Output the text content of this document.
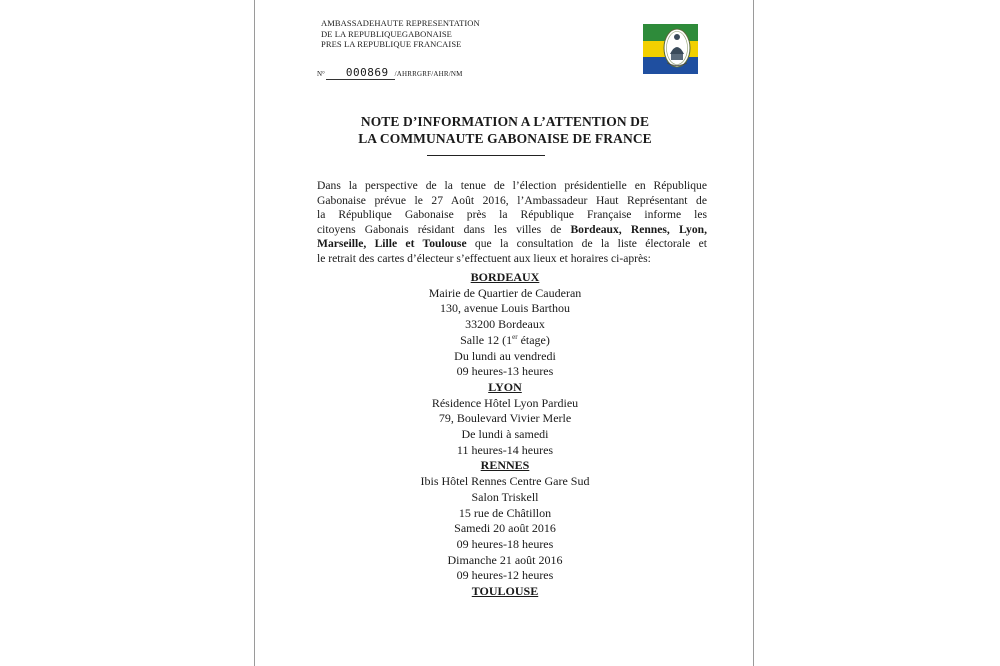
AMBASSADEHAUTE REPRESENTATION
DE LA REPUBLIQUEGABONAISE
PRES LA REPUBLIQUE FRANCAISE
N° 000869 /AHRRGRF/AHR/NM
NOTE D’INFORMATION A L’ATTENTION DE
LA COMMUNAUTE GABONAISE DE FRANCE
Dans la perspective de la tenue de l’élection présidentielle en République
Gabonaise prévue le 27 Août 2016, l’Ambassadeur Haut Représentant de
la République Gabonaise près la République Française informe les
citoyens Gabonais résidant dans les villes de Bordeaux, Rennes, Lyon,
Marseille, Lille et Toulouse que la consultation de la liste électorale et
le retrait des cartes d’électeur s’effectuent aux lieux et horaires ci-après:
BORDEAUX
Mairie de Quartier de Cauderan
130, avenue Louis Barthou
33200 Bordeaux
Salle 12 (1er étage)
Du lundi au vendredi
09 heures-13 heures
LYON
Résidence Hôtel Lyon Pardieu
79, Boulevard Vivier Merle
De lundi à samedi
11 heures-14 heures
RENNES
Ibis Hôtel Rennes Centre Gare Sud
Salon Triskell
15 rue de Châtillon
Samedi 20 août 2016
09 heures-18 heures
Dimanche 21 août 2016
09 heures-12 heures
TOULOUSE
